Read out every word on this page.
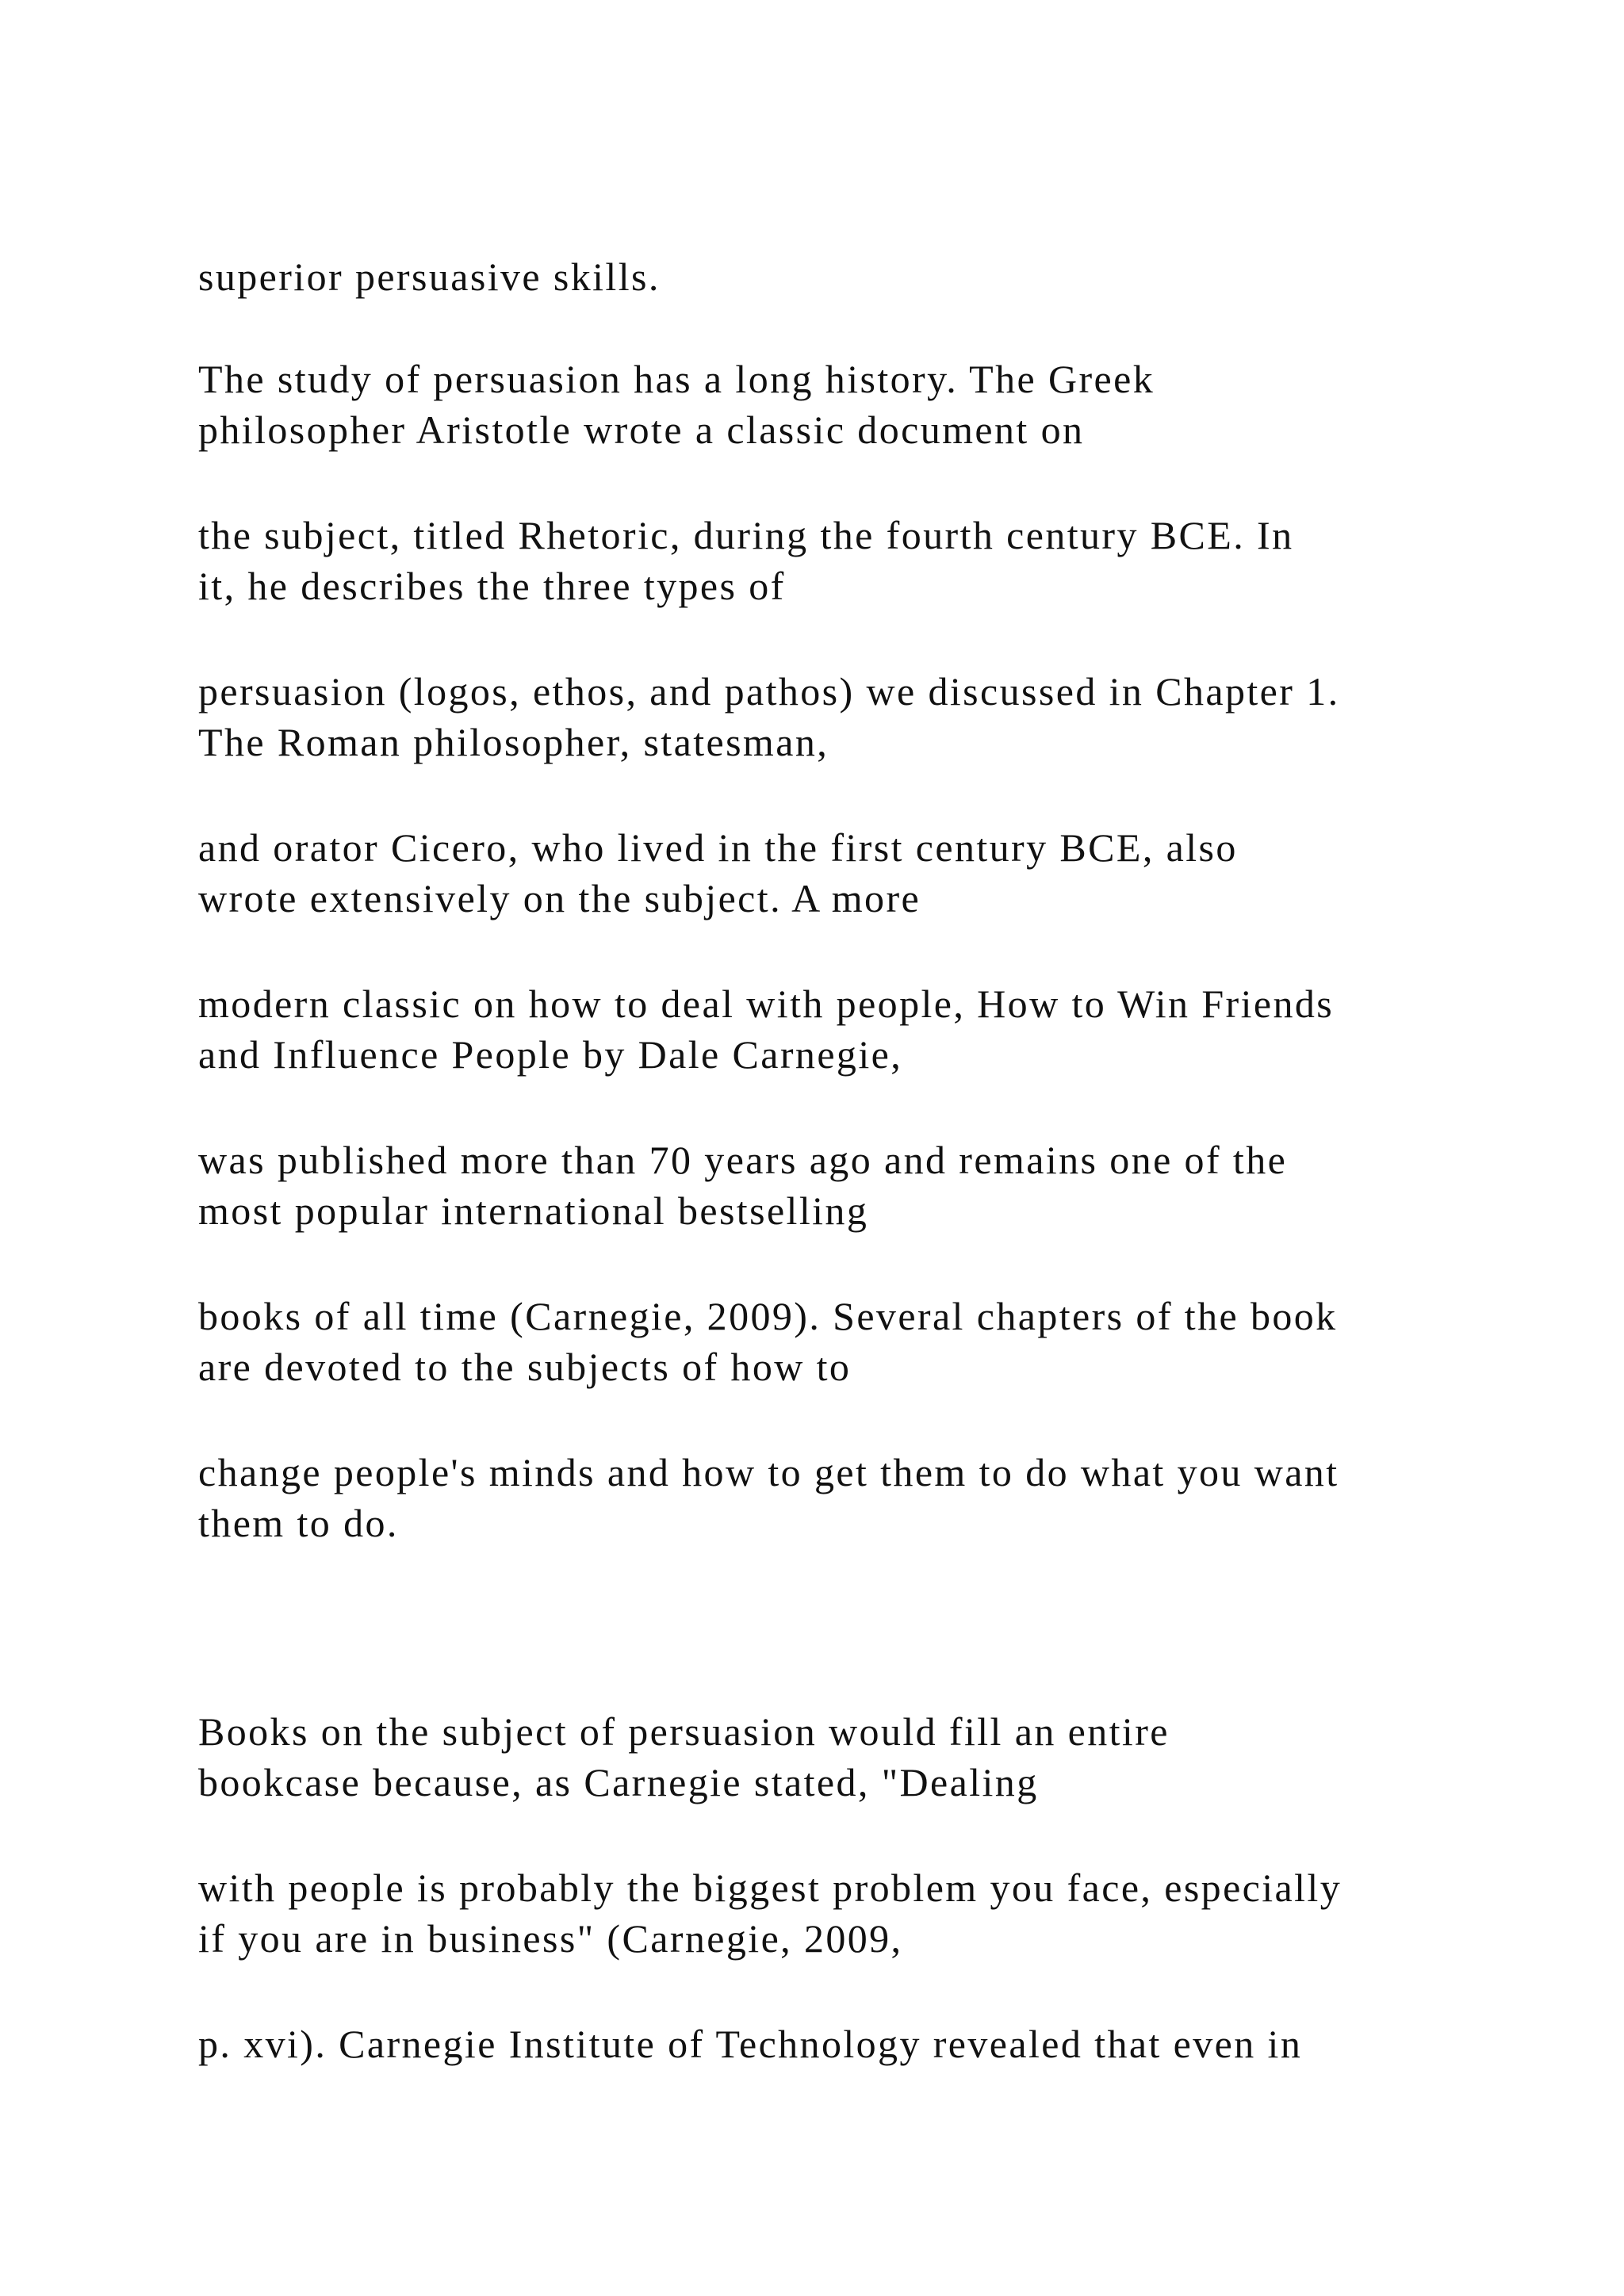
superior persuasive skills.

The study of persuasion has a long history. The Greek

philosopher Aristotle wrote a classic document on

the subject, titled Rhetoric, during the fourth century BCE. In

it, he describes the three types of

persuasion (logos, ethos, and pathos) we discussed in Chapter 1.

The Roman philosopher, statesman,

and orator Cicero, who lived in the first century BCE, also

wrote extensively on the subject. A more

modern classic on how to deal with people, How to Win Friends

and Influence People by Dale Carnegie,

was published more than 70 years ago and remains one of the

most popular international bestselling

books of all time (Carnegie, 2009). Several chapters of the book

are devoted to the subjects of how to

change people's minds and how to get them to do what you want

them to do.

Books on the subject of persuasion would fill an entire

bookcase because, as Carnegie stated, "Dealing

with people is probably the biggest problem you face, especially

if you are in business" (Carnegie, 2009,

p. xvi). Carnegie Institute of Technology revealed that even in
